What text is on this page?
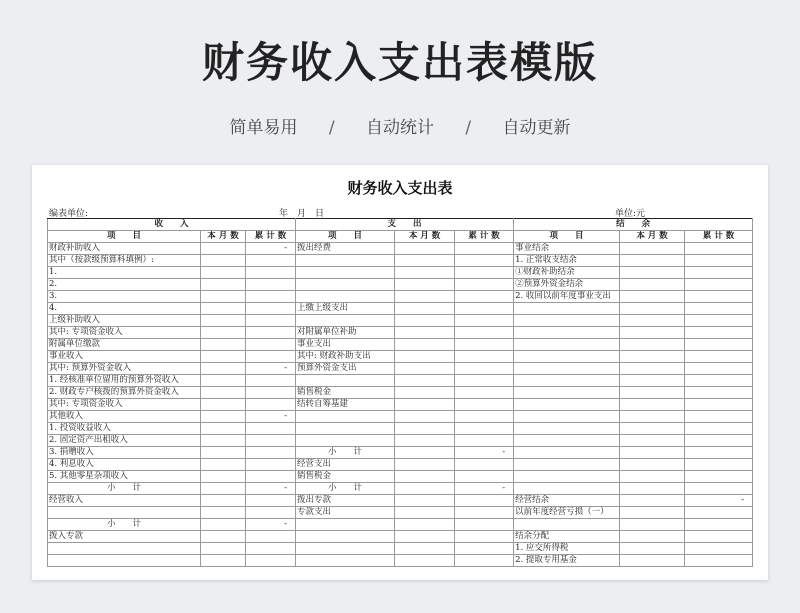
财务收入支出表模版
简单易用 / 自动统计 / 自动更新
财务收入支出表
编表单位:	年　月　日	单位:元
收　　入			支　　出			结　　余		
项　　目	本 月 数	累 计 数	项　　目	本 月 数	累 计 数	项　　目	本 月 数	累 计 数
财政补助收入		-	拨出经费			事业结余		
其中（按款级预算科填例）:						1. 正常收支结余		
1.						①财政补助结余		
2.						②预算外资金结余		
3.						2. 收回以前年度事业支出		
4.			上缴上级支出					
上级补助收入								
其中: 专项资金收入			对附属单位补助					
附属单位缴款			事业支出					
事业收入			其中: 财政补助支出					
其中: 预算外资金收入		-	预算外资金支出					
1. 经核准单位留用的预算外资收入								
2. 财政专户核拨的预算外资金收入			销售税金					
其中: 专项资金收入			结转自筹基建					
其他收入		-						
1. 投资收益收入								
2. 固定资产出租收入								
3. 捐赠收入			小　　计		-			
4. 利息收入			经营支出					
5. 其他零星杂项收入			销售税金					
小　　计		-	小　　计		-			
经营收入			拨出专款			经营结余		-
			专款支出			以前年度经营亏损（一）		
小　　计		-						
拨入专款						结余分配		
						1. 应交所得税		
						2. 提取专用基金		
